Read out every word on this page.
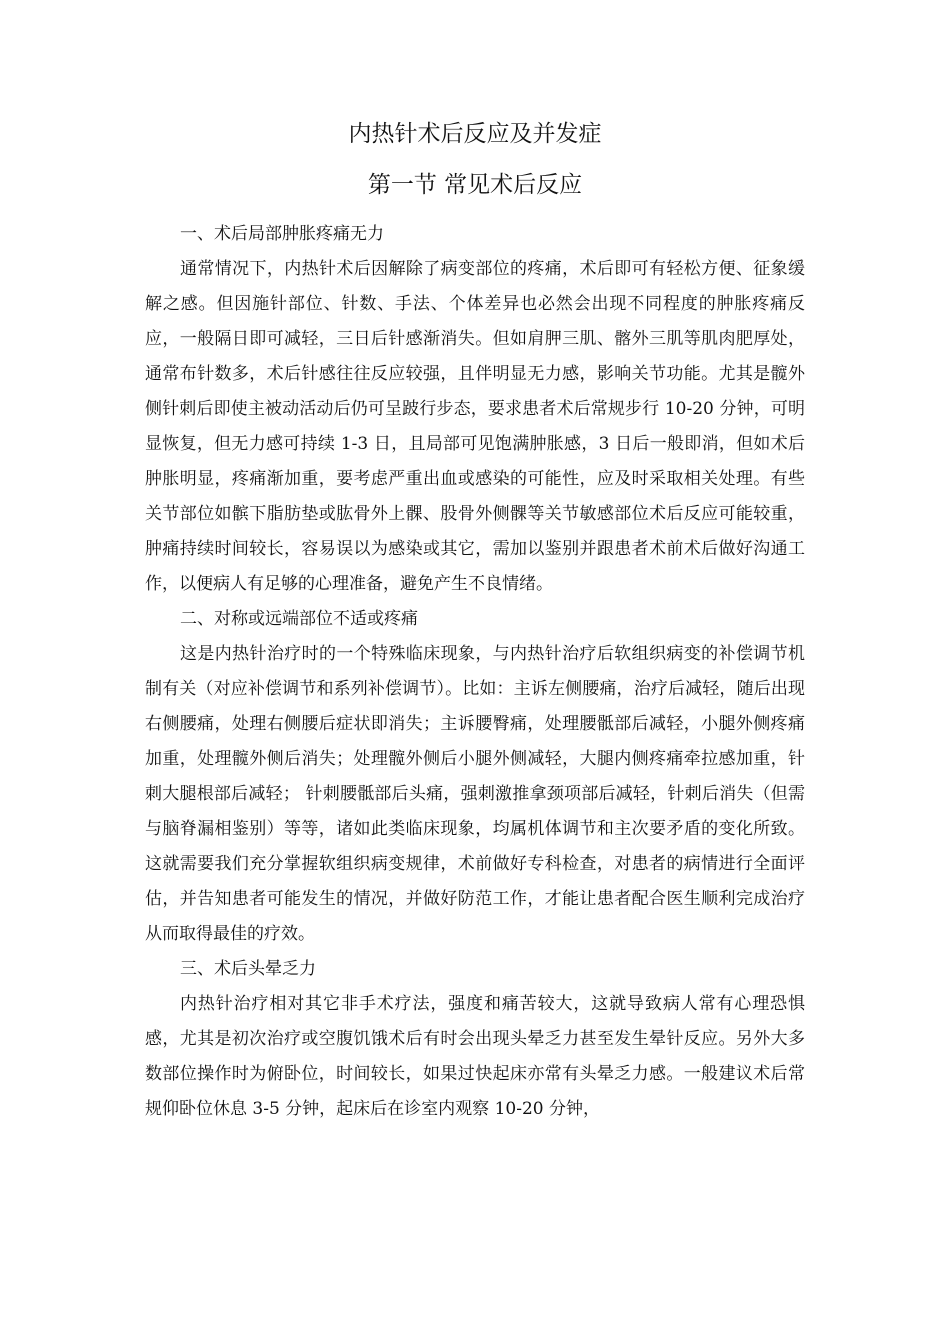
内热针术后反应及并发症
第一节 常见术后反应

一、术后局部肿胀疼痛无力

通常情况下，内热针术后因解除了病变部位的疼痛，术后即可有轻松方便、征象缓解之感。但因施针部位、针数、手法、个体差异也必然会出现不同程度的肿胀疼痛反应，一般隔日即可减轻，三日后针感渐消失。但如肩胛三肌、髂外三肌等肌肉肥厚处，通常布针数多，术后针感往往反应较强，且伴明显无力感，影响关节功能。尤其是髋外侧针刺后即使主被动活动后仍可呈跛行步态，要求患者术后常规步行 10-20 分钟，可明显恢复，但无力感可持续 1-3 日，且局部可见饱满肿胀感，3 日后一般即消，但如术后肿胀明显，疼痛渐加重，要考虑严重出血或感染的可能性，应及时采取相关处理。有些关节部位如髌下脂肪垫或肱骨外上髁、股骨外侧髁等关节敏感部位术后反应可能较重，肿痛持续时间较长，容易误以为感染或其它，需加以鉴别并跟患者术前术后做好沟通工作，以便病人有足够的心理准备，避免产生不良情绪。

二、对称或远端部位不适或疼痛

这是内热针治疗时的一个特殊临床现象，与内热针治疗后软组织病变的补偿调节机制有关（对应补偿调节和系列补偿调节）。比如：主诉左侧腰痛，治疗后减轻，随后出现右侧腰痛，处理右侧腰后症状即消失；主诉腰臀痛，处理腰骶部后减轻，小腿外侧疼痛加重，处理髋外侧后消失；处理髋外侧后小腿外侧减轻，大腿内侧疼痛牵拉感加重，针刺大腿根部后减轻； 针刺腰骶部后头痛，强刺激推拿颈项部后减轻，针刺后消失（但需与脑脊漏相鉴别）等等，诸如此类临床现象，均属机体调节和主次要矛盾的变化所致。这就需要我们充分掌握软组织病变规律，术前做好专科检查，对患者的病情进行全面评估，并告知患者可能发生的情况，并做好防范工作，才能让患者配合医生顺利完成治疗从而取得最佳的疗效。

三、术后头晕乏力

内热针治疗相对其它非手术疗法，强度和痛苦较大，这就导致病人常有心理恐惧感，尤其是初次治疗或空腹饥饿术后有时会出现头晕乏力甚至发生晕针反应。另外大多数部位操作时为俯卧位，时间较长，如果过快起床亦常有头晕乏力感。一般建议术后常规仰卧位休息 3-5 分钟，起床后在诊室内观察 10-20 分钟，
